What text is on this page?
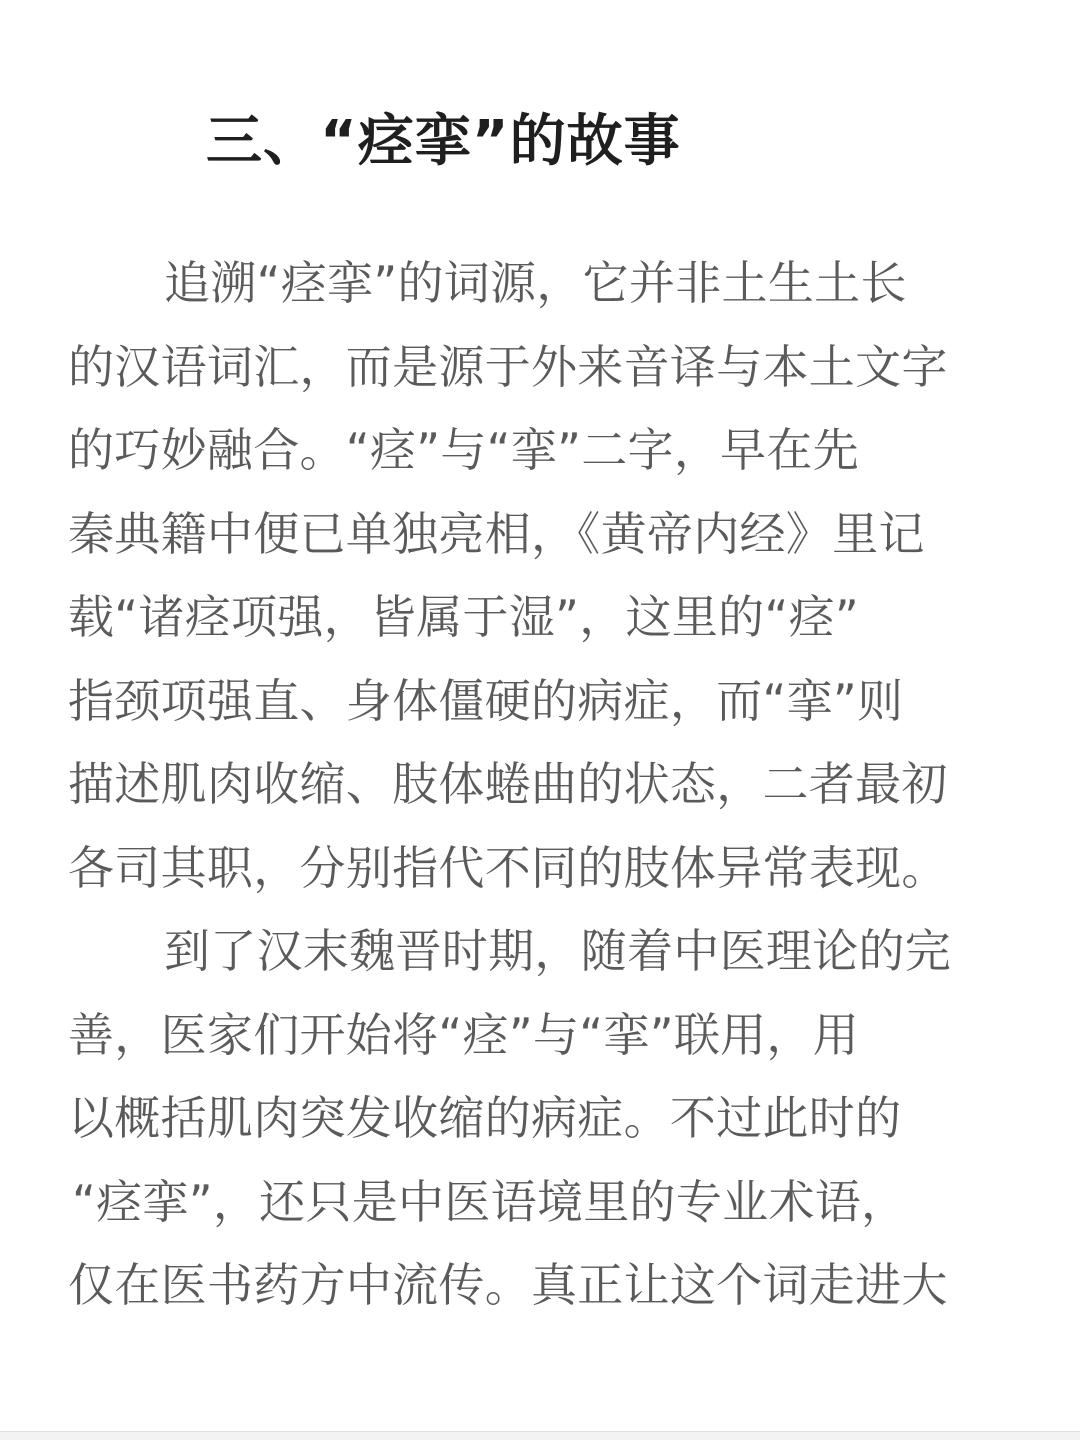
三、“痉挛”的故事
追溯“痉挛”的词源，它并非土生土长
的汉语词汇，而是源于外来音译与本土文字
的巧妙融合。“痉”与“挛”二字，早在先
秦典籍中便已单独亮相，《黄帝内经》里记
载“诸痉项强，皆属于湿”，这里的“痉”
指颈项强直、身体僵硬的病症，而“挛”则
描述肌肉收缩、肢体蜷曲的状态，二者最初
各司其职，分别指代不同的肢体异常表现。
到了汉末魏晋时期，随着中医理论的完
善，医家们开始将“痉”与“挛”联用，用
以概括肌肉突发收缩的病症。不过此时的
“痉挛”，还只是中医语境里的专业术语，
仅在医书药方中流传。真正让这个词走进大
